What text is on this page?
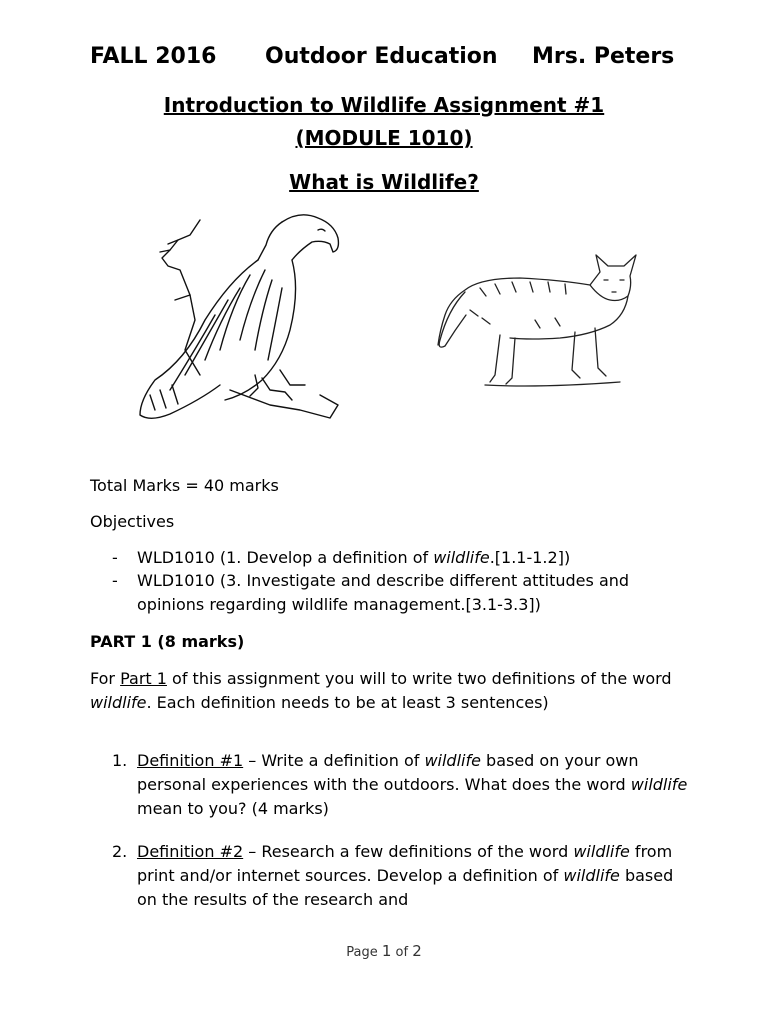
FALL 2016 Outdoor Education Mrs. Peters
Introduction to Wildlife Assignment #1
(MODULE 1010)
What is Wildlife?
Total Marks = 40 marks
Objectives
- WLD1010 (1. Develop a definition of wildlife.[1.1-1.2])
- WLD1010 (3. Investigate and describe different attitudes and opinions regarding wildlife management.[3.1-3.3])
PART 1 (8 marks)
For Part 1 of this assignment you will to write two definitions of the word wildlife. Each definition needs to be at least 3 sentences)
1. Definition #1 – Write a definition of wildlife based on your own personal experiences with the outdoors. What does the word wildlife mean to you? (4 marks)
2. Definition #2 – Research a few definitions of the word wildlife from print and/or internet sources. Develop a definition of wildlife based on the results of the research and
Page 1 of 2
